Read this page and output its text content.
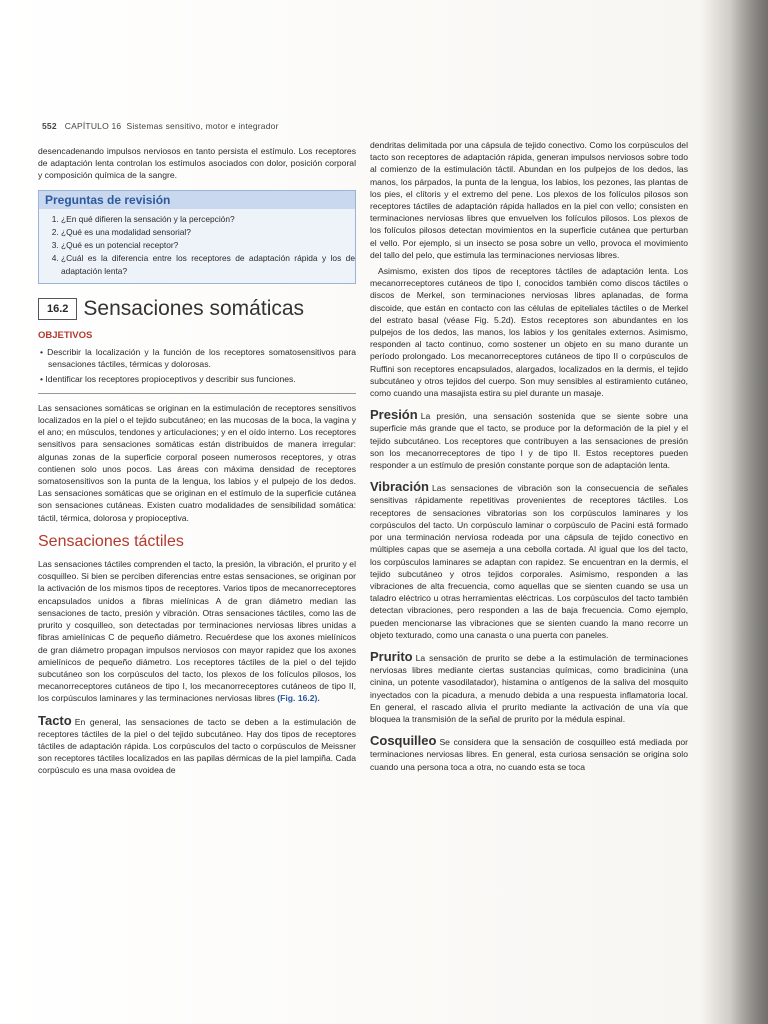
552 CAPÍTULO 16 Sistemas sensitivo, motor e integrador

desencadenando impulsos nerviosos en tanto persista el estímulo. Los receptores de adaptación lenta controlan los estímulos asociados con dolor, posición corporal y composición química de la sangre.

Preguntas de revisión
1. ¿En qué difieren la sensación y la percepción?
2. ¿Qué es una modalidad sensorial?
3. ¿Qué es un potencial receptor?
4. ¿Cuál es la diferencia entre los receptores de adaptación rápida y los de adaptación lenta?
16.2 Sensaciones somáticas
OBJETIVOS

• Describir la localización y la función de los receptores somatosensitivos para sensaciones táctiles, térmicas y dolorosas.

• Identificar los receptores propioceptivos y describir sus funciones.

Las sensaciones somáticas se originan en la estimulación de receptores sensitivos localizados en la piel o el tejido subcutáneo; en las mucosas de la boca, la vagina y el ano; en músculos, tendones y articulaciones; y en el oído interno. Los receptores sensitivos para sensaciones somáticas están distribuidos de manera irregular: algunas zonas de la superficie corporal poseen numerosos receptores, y otras contienen solo unos pocos. Las áreas con máxima densidad de receptores somatosensitivos son la punta de la lengua, los labios y el pulpejo de los dedos. Las sensaciones somáticas que se originan en el estímulo de la superficie cutánea son sensaciones cutáneas. Existen cuatro modalidades de sensibilidad somática: táctil, térmica, dolorosa y propioceptiva.

Sensaciones táctiles

Las sensaciones táctiles comprenden el tacto, la presión, la vibración, el prurito y el cosquilleo. Si bien se perciben diferencias entre estas sensaciones, se originan por la activación de los mismos tipos de receptores. Varios tipos de mecanorreceptores encapsulados unidos a fibras mielínicas A de gran diámetro median las sensaciones de tacto, presión y vibración. Otras sensaciones táctiles, como las de prurito y cosquilleo, son detectadas por terminaciones nerviosas libres unidas a fibras amielínicas C de pequeño diámetro. Recuérdese que los axones mielínicos de gran diámetro propagan impulsos nerviosos con mayor rapidez que los axones amielínicos de pequeño diámetro. Los receptores táctiles de la piel o del tejido subcutáneo son los corpúsculos del tacto, los plexos de los folículos pilosos, los mecanorreceptores cutáneos de tipo I, los mecanorreceptores cutáneos de tipo II, los corpúsculos laminares y las terminaciones nerviosas libres (Fig. 16.2).

Tacto En general, las sensaciones de tacto se deben a la estimulación de receptores táctiles de la piel o del tejido subcutáneo. Hay dos tipos de receptores táctiles de adaptación rápida. Los corpúsculos del tacto o corpúsculos de Meissner son receptores táctiles localizados en las papilas dérmicas de la piel lampiña. Cada corpúsculo es una masa ovoidea de

dendritas delimitada por una cápsula de tejido conectivo. Como los corpúsculos del tacto son receptores de adaptación rápida, generan impulsos nerviosos sobre todo al comienzo de la estimulación táctil. Abundan en los pulpejos de los dedos, las manos, los párpados, la punta de la lengua, los labios, los pezones, las plantas de los pies, el clítoris y el extremo del pene. Los plexos de los folículos pilosos son receptores táctiles de adaptación rápida hallados en la piel con vello; consisten en terminaciones nerviosas libres que envuelven los folículos pilosos. Los plexos de los folículos pilosos detectan movimientos en la superficie cutánea que perturban el vello. Por ejemplo, si un insecto se posa sobre un vello, provoca el movimiento del tallo del pelo, que estimula las terminaciones nerviosas libres.

Asimismo, existen dos tipos de receptores táctiles de adaptación lenta. Los mecanorreceptores cutáneos de tipo I, conocidos también como discos táctiles o discos de Merkel, son terminaciones nerviosas libres aplanadas, de forma discoide, que están en contacto con las células de epiteliales táctiles o de Merkel del estrato basal (véase Fig. 5.2d). Estos receptores son abundantes en los pulpejos de los dedos, las manos, los labios y los genitales externos. Asimismo, responden al tacto continuo, como sostener un objeto en su mano durante un período prolongado. Los mecanorreceptores cutáneos de tipo II o corpúsculos de Ruffini son receptores encapsulados, alargados, localizados en la dermis, el tejido subcutáneo y otros tejidos del cuerpo. Son muy sensibles al estiramiento cutáneo, como cuando una masajista estira su piel durante un masaje.

Presión La presión, una sensación sostenida que se siente sobre una superficie más grande que el tacto, se produce por la deformación de la piel y el tejido subcutáneo. Los receptores que contribuyen a las sensaciones de presión son los mecanorreceptores de tipo I y de tipo II. Estos receptores pueden responder a un estímulo de presión constante porque son de adaptación lenta.

Vibración Las sensaciones de vibración son la consecuencia de señales sensitivas rápidamente repetitivas provenientes de receptores táctiles. Los receptores de sensaciones vibratorias son los corpúsculos laminares y los corpúsculos del tacto. Un corpúsculo laminar o corpúsculo de Pacini está formado por una terminación nerviosa rodeada por una cápsula de tejido conectivo en múltiples capas que se asemeja a una cebolla cortada. Al igual que los del tacto, los corpúsculos laminares se adaptan con rapidez. Se encuentran en la dermis, el tejido subcutáneo y otros tejidos corporales. Asimismo, responden a las vibraciones de alta frecuencia, como aquellas que se sienten cuando se usa un taladro eléctrico u otras herramientas eléctricas. Los corpúsculos del tacto también detectan vibraciones, pero responden a las de baja frecuencia. Como ejemplo, pueden mencionarse las vibraciones que se sienten cuando la mano recorre un objeto texturado, como una canasta o una puerta con paneles.

Prurito La sensación de prurito se debe a la estimulación de terminaciones nerviosas libres mediante ciertas sustancias químicas, como bradicinina (una cinina, un potente vasodilatador), histamina o antígenos de la saliva del mosquito inyectados con la picadura, a menudo debida a una respuesta inflamatoria local. En general, el rascado alivia el prurito mediante la activación de una vía que bloquea la transmisión de la señal de prurito por la médula espinal.

Cosquilleo Se considera que la sensación de cosquilleo está mediada por terminaciones nerviosas libres. En general, esta curiosa sensación se origina solo cuando una persona toca a otra, no cuando esta se toca
